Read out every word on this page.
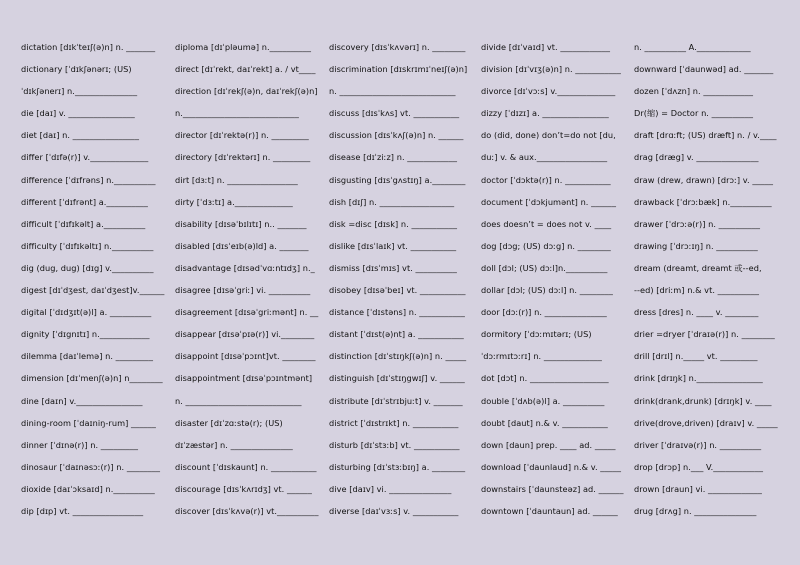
dictation [dɪkˈteɪʃ(ə)n] n. _______
dictionary [ˈdɪkʃənərɪ; (US)
ˈdɪkʃənerɪ] n._______________
die [daɪ] v. ________________
diet [daɪ] n. ________________
differ [ˈdɪfə(r)] v.______________
difference [ˈdɪfrəns] n.__________
different [ˈdɪfrənt] a.__________
difficult [ˈdɪfɪkəlt] a.__________
difficulty [ˈdɪfɪkəltɪ] n.__________
dig (dug, dug) [dɪg] v.__________
digest [dɪˈdʒest, daɪˈdʒest]v.______
digital [ˈdɪdʒɪt(ə)l] a. __________
dignity [ˈdɪgnɪtɪ] n.____________
dilemma [daɪˈlemə] n. _________
dimension [dɪˈmenʃ(ə)n] n________
dine [daɪn] v.________________
dining-room [ˈdaɪniŋ-rum] ______
dinner [ˈdɪnə(r)] n. _________
dinosaur [ˈdaɪnəsɔː(r)] n. ________
dioxide [daɪˈɔksaɪd] n.__________
dip [dɪp] vt. _________________
diploma [dɪˈpləumə] n.__________
direct [dɪˈrekt, daɪˈrekt] a. / vt____
direction [dɪˈrekʃ(ə)n, daɪˈrekʃ(ə)n]
n.____________________________
director [dɪˈrektə(r)] n. _________
directory [dɪˈrektərɪ] n. _________
dirt [dɜːt] n. _________________
dirty [ˈdɜːtɪ] a.______________
disability [dɪsəˈbɪlɪtɪ] n.. _______
disabled [dɪsˈeɪb(ə)ld] a. _______
disadvantage [dɪsədˈvɑːntɪdʒ] n._
disagree [dɪsəˈgriː] vi. __________
disagreement [dɪsəˈgriːmənt] n. __
disappear [dɪsəˈpɪə(r)] vi.________
disappoint [dɪsəˈpɔɪnt]vt. ________
disappointment [dɪsəˈpɔɪntmənt]
n. ____________________________
disaster [dɪˈzɑːstə(r); (US)
dɪˈzæstər] n. _______________
discount [ˈdɪskaunt] n. ___________
discourage [dɪsˈkʌrɪdʒ] vt. ______
discover [dɪsˈkʌvə(r)] vt.__________
discovery [dɪsˈkʌvərɪ] n. ________
discrimination [dɪskrɪmɪˈneɪʃ(ə)n]
n. ____________________________
discuss [dɪsˈkʌs] vt. ___________
discussion [dɪsˈkʌʃ(ə)n] n. ______
disease [dɪˈziːz] n. ____________
disgusting [dɪsˈgʌstɪŋ] a.________
dish [dɪʃ] n. __________________
disk =disc [dɪsk] n. ___________
dislike [dɪsˈlaɪk] vt. ___________
dismiss [dɪsˈmɪs] vt. __________
disobey [dɪsəˈbeɪ] vt. ___________
distance [ˈdɪstəns] n. ___________
distant [ˈdɪst(ə)nt] a. ___________
distinction [dɪˈstɪŋkʃ(ə)n] n. _____
distinguish [dɪˈstɪŋgwɪʃ] v. ______
distribute [dɪˈstrɪbjuːt] v. _______
district [ˈdɪstrɪkt] n. ___________
disturb [dɪˈstɜːb] vt. ___________
disturbing [dɪˈstɜːbɪŋ] a. ________
dive [daɪv] vi. _______________
diverse [daɪˈvɜːs] v. ___________
divide [dɪˈvaɪd] vt. ____________
division [dɪˈvɪʒ(ə)n] n. ___________
divorce [dɪˈvɔːs] v.______________
dizzy [ˈdɪzɪ] a. ________________
do (did, done) don’t=do not [du,
duː] v. & aux._________________
doctor [ˈdɔktə(r)] n. ___________
document [ˈdɔkjumənt] n. ______
does doesn’t = does not v. ____
dog [dɔg; (US) dɔːg] n. ________
doll [dɔl; (US) dɔːl]n.__________
dollar [dɔl; (US) dɔːl] n. ________
door [dɔː(r)] n. _______________
dormitory [ˈdɔːmɪtərɪ; (US)
ˈdɔːrmɪtɔːrɪ] n. ______________
dot [dɔt] n. ___________________
double [ˈdʌb(ə)l] a. __________
doubt [daut] n.& v. ___________
down [daun] prep. ____ ad. _____
download [ˈdaunlaud] n.& v. _____
downstairs [ˈdaunsteəz] ad. ______
downtown [ˈdauntaun] ad. ______
n. __________ A._____________
downward [ˈdaunwəd] ad. _______
dozen [ˈdʌzn] n. ____________
Dr(缩) = Doctor n. __________
draft [drɑːft; (US) dræft] n. / v.____
drag [dræg] v. _______________
draw (drew, drawn) [drɔː] v. _____
drawback [ˈdrɔːbæk] n.__________
drawer [ˈdrɔːə(r)] n. __________
drawing [ˈdrɔːɪŋ] n. __________
dream (dreamt, dreamt 或--ed,
--ed) [driːm] n.& vt. __________
dress [dres] n. ____ v. ________
drier =dryer [ˈdraɪə(r)] n. ________
drill [drɪl] n._____ vt. _________
drink [drɪŋk] n.________________
drink(drank,drunk) [drɪŋk] v. ____
drive(drove,driven) [draɪv] v. _____
driver [ˈdraɪvə(r)] n. __________
drop [drɔp] n.___ V.____________
drown [draun] vi. _____________
drug [drʌg] n. _______________
